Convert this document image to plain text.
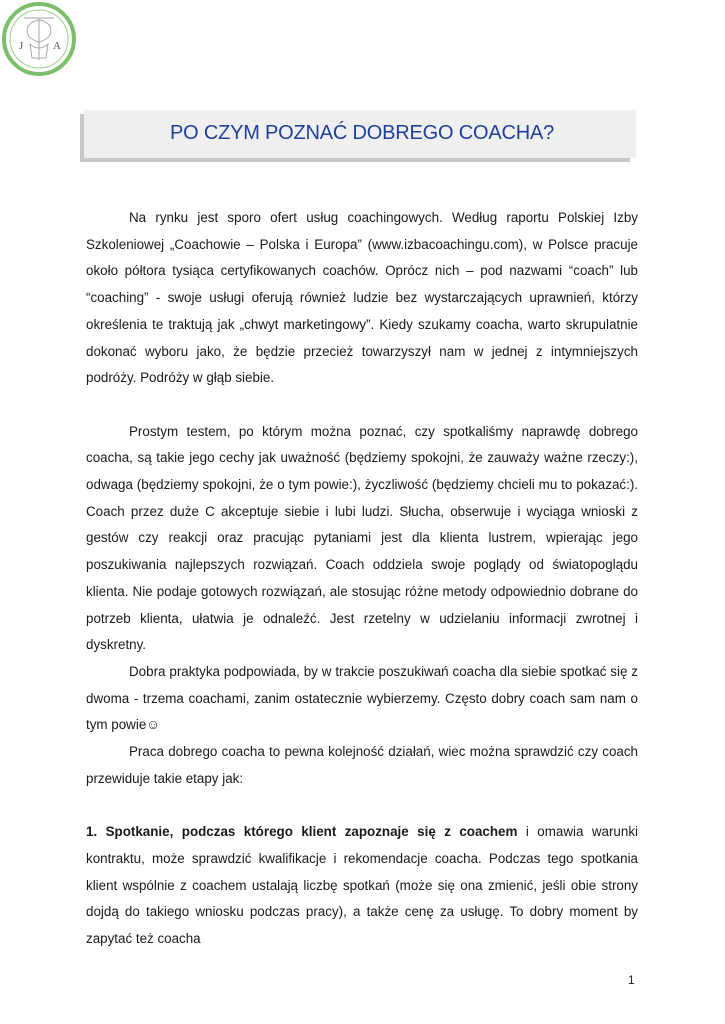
J	A
PO CZYM POZNAĆ DOBREGO COACHA?

Na rynku jest sporo ofert usług coachingowych. Według raportu Polskiej Izby Szkoleniowej „Coachowie – Polska i Europa” (www.izbacoachingu.com), w Polsce pracuje około półtora tysiąca certyfikowanych coachów. Oprócz nich – pod nazwami “coach” lub “coaching” - swoje usługi oferują również ludzie bez wystarczających uprawnień, którzy określenia te traktują jak „chwyt marketingowy”. Kiedy szukamy coacha, warto skrupulatnie dokonać wyboru jako, że będzie przecież towarzyszył nam w jednej z intymniejszych podróży. Podróży w głąb siebie.

Prostym testem, po którym można poznać, czy spotkaliśmy naprawdę dobrego coacha, są takie jego cechy jak uważność (będziemy spokojni, że zauważy ważne rzeczy:), odwaga (będziemy spokojni, że o tym powie:), życzliwość (będziemy chcieli mu to pokazać:). Coach przez duże C akceptuje siebie i lubi ludzi. Słucha, obserwuje i wyciąga wnioski z gestów czy reakcji oraz pracując pytaniami jest dla klienta lustrem, wpierając jego poszukiwania najlepszych rozwiązań. Coach oddziela swoje poglądy od światopoglądu klienta. Nie podaje gotowych rozwiązań, ale stosując różne metody odpowiednio dobrane do potrzeb klienta, ułatwia je odnaleźć. Jest rzetelny w udzielaniu informacji zwrotnej i dyskretny.

Dobra praktyka podpowiada, by w trakcie poszukiwań coacha dla siebie spotkać się z dwoma - trzema coachami, zanim ostatecznie wybierzemy. Często dobry coach sam nam o tym powie☺

Praca dobrego coacha to pewna kolejność działań, wiec można sprawdzić czy coach przewiduje takie etapy jak:

1. Spotkanie, podczas którego klient zapoznaje się z coachem i omawia warunki kontraktu, może sprawdzić kwalifikacje i rekomendacje coacha. Podczas tego spotkania klient wspólnie z coachem ustalają liczbę spotkań (może się ona zmienić, jeśli obie strony dojdą do takiego wniosku podczas pracy), a także cenę za usługę. To dobry moment by zapytać też coacha

1
